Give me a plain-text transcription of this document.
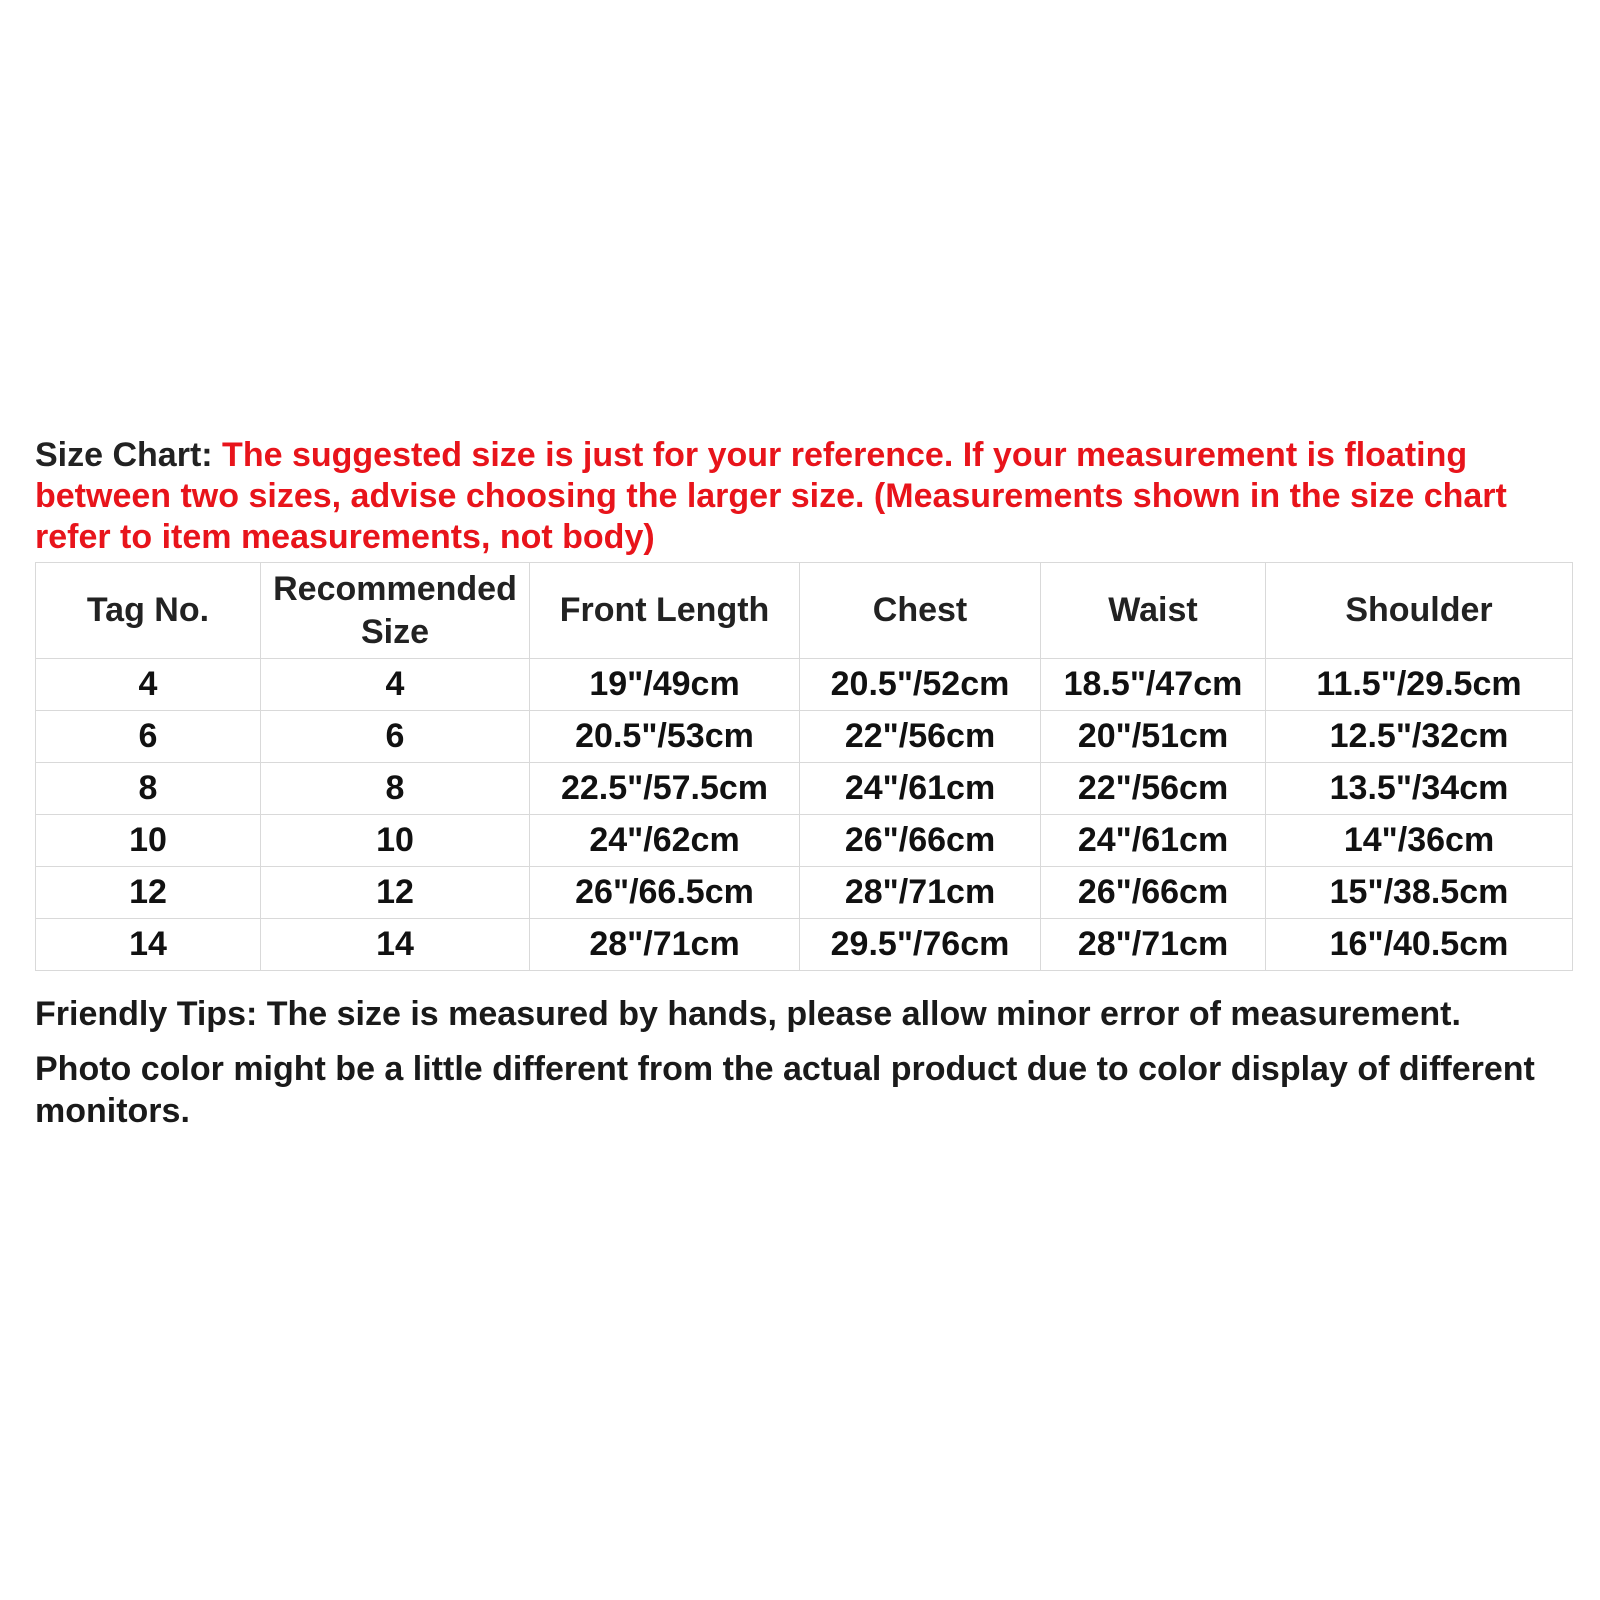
Size Chart: The suggested size is just for your reference. If your measurement is floating between two sizes, advise choosing the larger size. (Measurements shown in the size chart refer to item measurements, not body)

Tag No.	Recommended Size	Front Length	Chest	Waist	Shoulder
4	4	19"/49cm	20.5"/52cm	18.5"/47cm	11.5"/29.5cm
6	6	20.5"/53cm	22"/56cm	20"/51cm	12.5"/32cm
8	8	22.5"/57.5cm	24"/61cm	22"/56cm	13.5"/34cm
10	10	24"/62cm	26"/66cm	24"/61cm	14"/36cm
12	12	26"/66.5cm	28"/71cm	26"/66cm	15"/38.5cm
14	14	28"/71cm	29.5"/76cm	28"/71cm	16"/40.5cm

Friendly Tips: The size is measured by hands, please allow minor error of measurement.

Photo color might be a little different from the actual product due to color display of different monitors.
